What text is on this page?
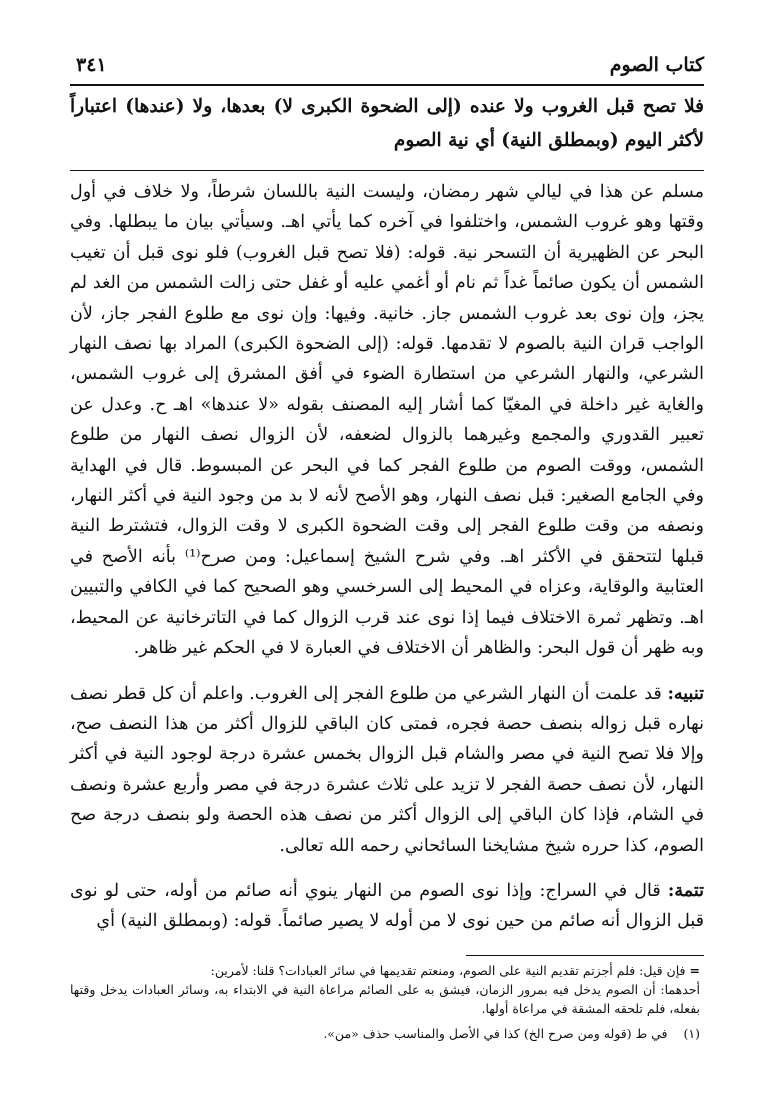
كتاب الصوم
٣٤١
فلا تصح قبل الغروب ولا عنده (إلى الضحوة الكبرى لا) بعدها، ولا (عندها) اعتباراً لأكثر اليوم (وبمطلق النية) أي نية الصوم

مسلم عن هذا في ليالي شهر رمضان، وليست النية باللسان شرطاً، ولا خلاف في أول وقتها وهو غروب الشمس، واختلفوا في آخره كما يأتي اهـ. وسيأتي بيان ما يبطلها. وفي البحر عن الظهيرية أن التسحر نية. قوله: (فلا تصح قبل الغروب) فلو نوى قبل أن تغيب الشمس أن يكون صائماً غداً ثم نام أو أغمي عليه أو غفل حتى زالت الشمس من الغد لم يجز، وإن نوى بعد غروب الشمس جاز. خانية. وفيها: وإن نوى مع طلوع الفجر جاز، لأن الواجب قران النية بالصوم لا تقدمها. قوله: (إلى الضحوة الكبرى) المراد بها نصف النهار الشرعي، والنهار الشرعي من استطارة الضوء في أفق المشرق إلى غروب الشمس، والغاية غير داخلة في المغيّا كما أشار إليه المصنف بقوله «لا عندها» اهـ ح. وعدل عن تعبير القدوري والمجمع وغيرهما بالزوال لضعفه، لأن الزوال نصف النهار من طلوع الشمس، ووقت الصوم من طلوع الفجر كما في البحر عن المبسوط. قال في الهداية وفي الجامع الصغير: قبل نصف النهار، وهو الأصح لأنه لا بد من وجود النية في أكثر النهار، ونصفه من وقت طلوع الفجر إلى وقت الضحوة الكبرى لا وقت الزوال، فتشترط النية قبلها لتتحقق في الأكثر اهـ. وفي شرح الشيخ إسماعيل: ومن صرح⁽¹⁾ بأنه الأصح في العتابية والوقاية، وعزاه في المحيط إلى السرخسي وهو الصحيح كما في الكافي والتبيين اهـ. وتظهر ثمرة الاختلاف فيما إذا نوى عند قرب الزوال كما في التاترخانية عن المحيط، وبه ظهر أن قول البحر: والظاهر أن الاختلاف في العبارة لا في الحكم غير ظاهر.

تنبيه: قد علمت أن النهار الشرعي من طلوع الفجر إلى الغروب. واعلم أن كل قطر نصف نهاره قبل زواله بنصف حصة فجره، فمتى كان الباقي للزوال أكثر من هذا النصف صح، وإلا فلا تصح النية في مصر والشام قبل الزوال بخمس عشرة درجة لوجود النية في أكثر النهار، لأن نصف حصة الفجر لا تزيد على ثلاث عشرة درجة في مصر وأربع عشرة ونصف في الشام، فإذا كان الباقي إلى الزوال أكثر من نصف هذه الحصة ولو بنصف درجة صح الصوم، كذا حرره شيخ مشايخنا السائحاني رحمه الله تعالى.

تتمة: قال في السراج: وإذا نوى الصوم من النهار ينوي أنه صائم من أوله، حتى لو نوى قبل الزوال أنه صائم من حين نوى لا من أوله لا يصير صائماً. قوله: (وبمطلق النية) أي

= فإن قيل: فلم أجزتم تقديم النية على الصوم، ومنعتم تقديمها في سائر العبادات؟ قلنا: لأمرين:

أحدهما: أن الصوم يدخل فيه بمرور الزمان، فيشق به على الصائم مراعاة النية في الابتداء به، وسائر العبادات يدخل وقتها بفعله، فلم تلحقه المشقة في مراعاة أولها.

(١) في ط (قوله ومن صرح الخ) كذا في الأصل والمناسب حذف «من».
